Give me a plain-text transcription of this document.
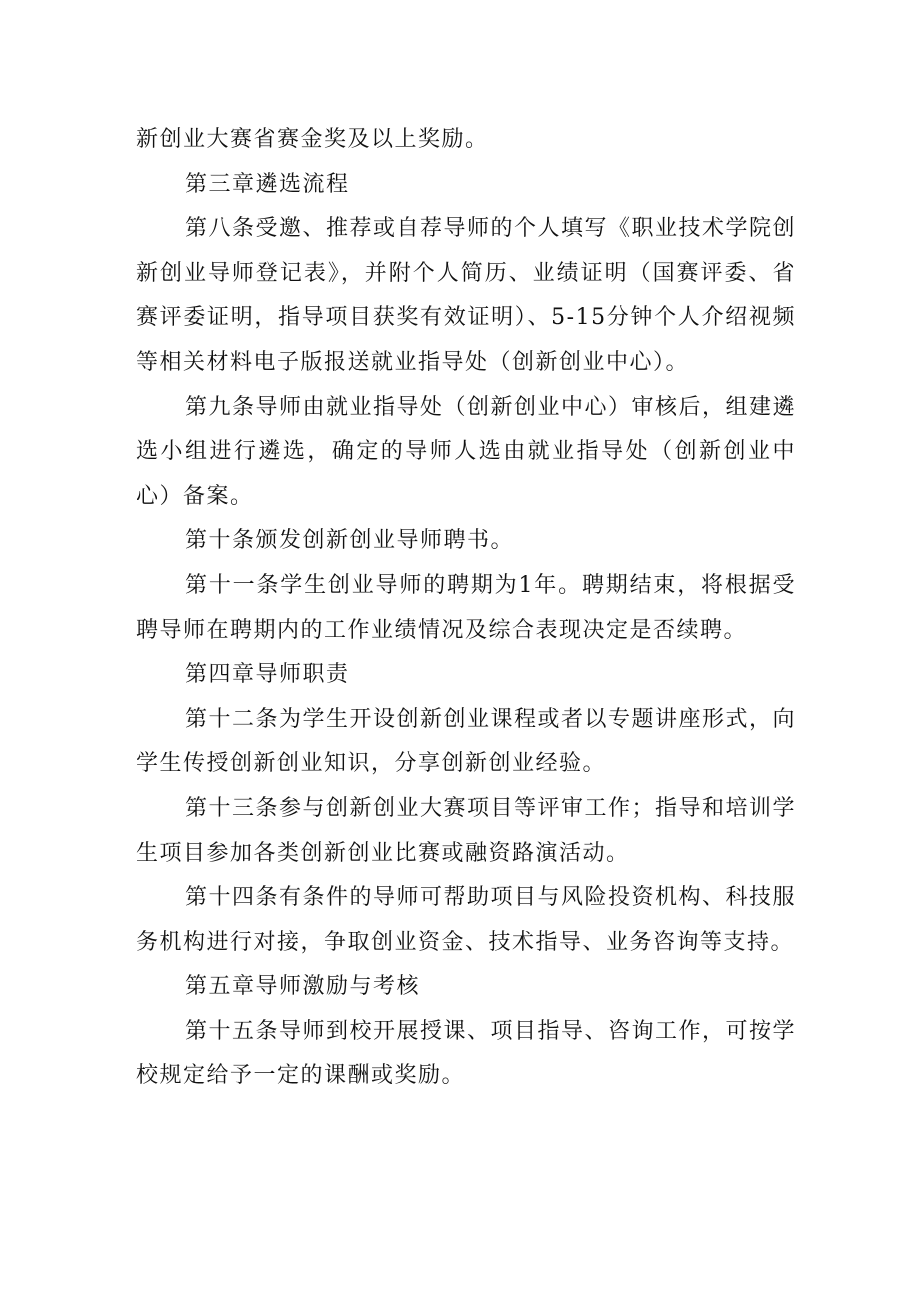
新创业大赛省赛金奖及以上奖励。

第三章遴选流程

第八条受邀、推荐或自荐导师的个人填写《职业技术学院创新创业导师登记表》，并附个人简历、业绩证明（国赛评委、省赛评委证明，指导项目获奖有效证明）、5-15分钟个人介绍视频等相关材料电子版报送就业指导处（创新创业中心）。

第九条导师由就业指导处（创新创业中心）审核后，组建遴选小组进行遴选，确定的导师人选由就业指导处（创新创业中心）备案。

第十条颁发创新创业导师聘书。

第十一条学生创业导师的聘期为1年。聘期结束，将根据受聘导师在聘期内的工作业绩情况及综合表现决定是否续聘。

第四章导师职责

第十二条为学生开设创新创业课程或者以专题讲座形式，向学生传授创新创业知识，分享创新创业经验。

第十三条参与创新创业大赛项目等评审工作；指导和培训学生项目参加各类创新创业比赛或融资路演活动。

第十四条有条件的导师可帮助项目与风险投资机构、科技服务机构进行对接，争取创业资金、技术指导、业务咨询等支持。

第五章导师激励与考核

第十五条导师到校开展授课、项目指导、咨询工作，可按学校规定给予一定的课酬或奖励。
